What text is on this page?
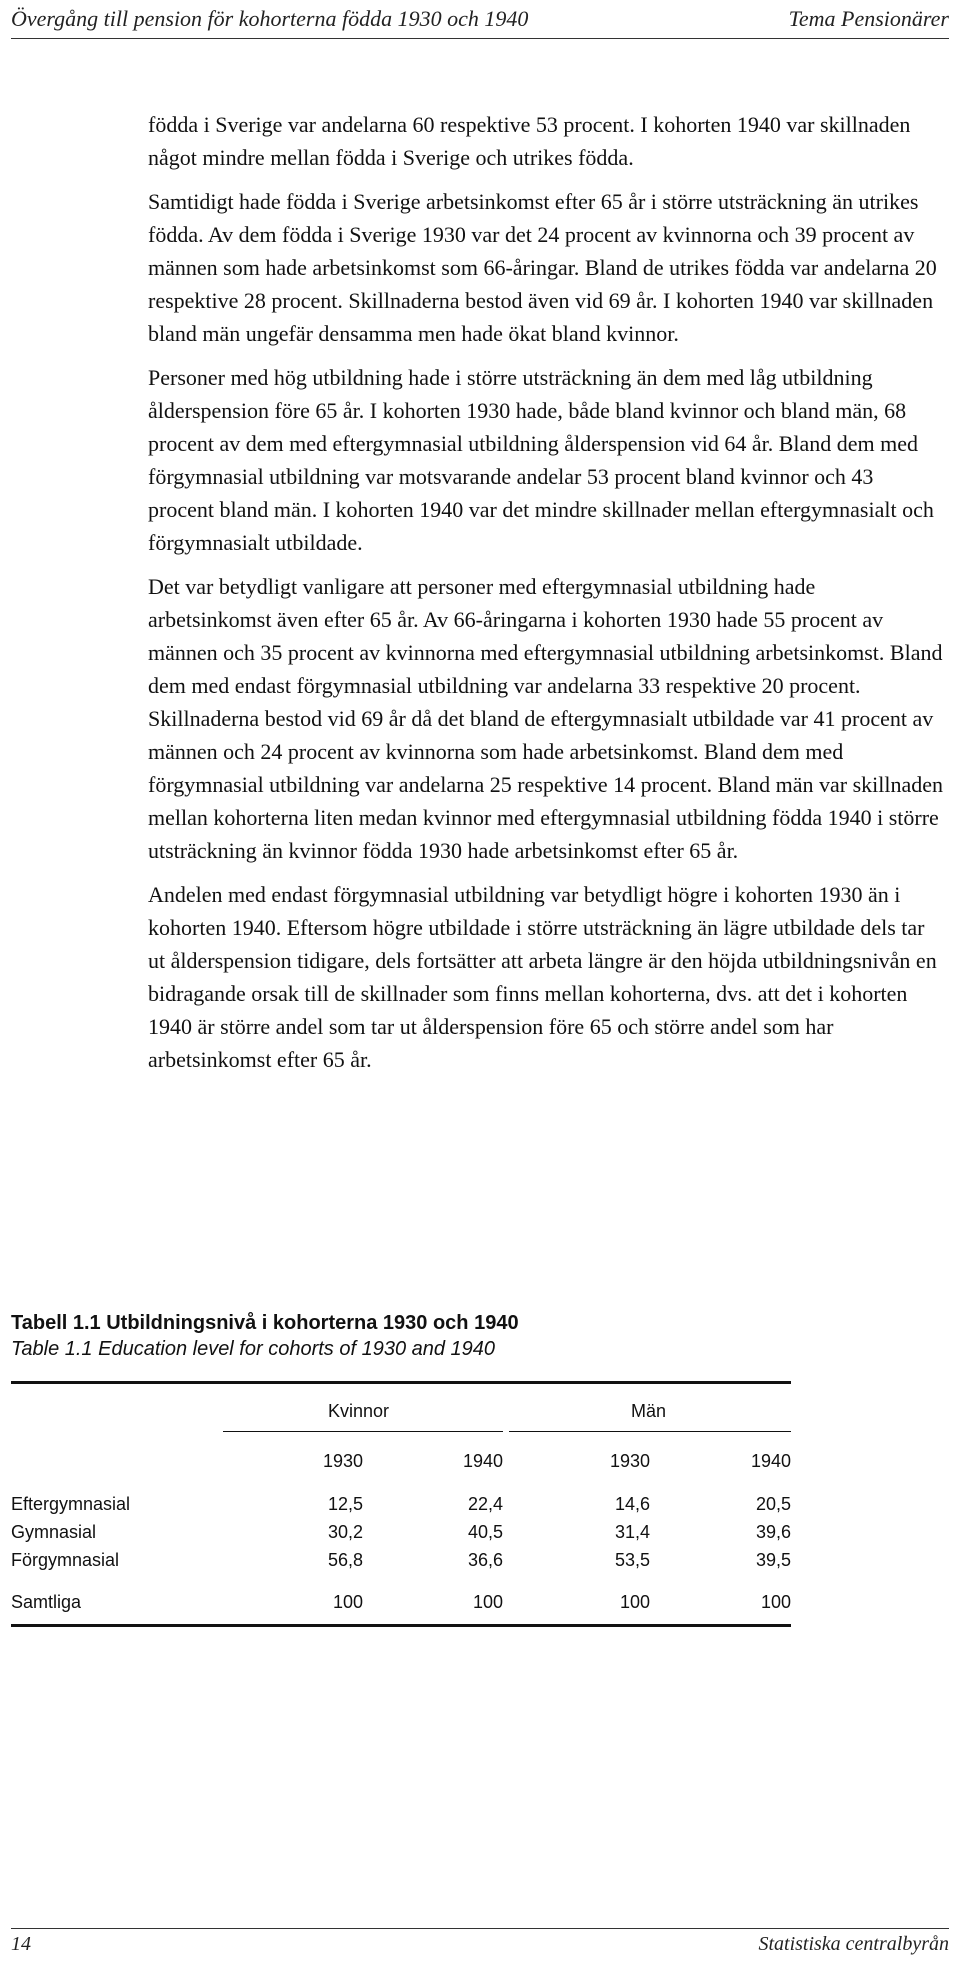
Övergång till pension för kohorterna födda 1930 och 1940	Tema Pensionärer

födda i Sverige var andelarna 60 respektive 53 procent. I kohorten 1940 var skillnaden något mindre mellan födda i Sverige och utrikes födda.

Samtidigt hade födda i Sverige arbetsinkomst efter 65 år i större utsträckning än utrikes födda. Av dem födda i Sverige 1930 var det 24 procent av kvinnorna och 39 procent av männen som hade arbetsinkomst som 66-åringar. Bland de utrikes födda var andelarna 20 respektive 28 procent. Skillnaderna bestod även vid 69 år. I kohorten 1940 var skillnaden bland män ungefär densamma men hade ökat bland kvinnor.

Personer med hög utbildning hade i större utsträckning än dem med låg utbildning ålderspension före 65 år. I kohorten 1930 hade, både bland kvinnor och bland män, 68 procent av dem med eftergymnasial utbildning ålderspension vid 64 år. Bland dem med förgymnasial utbildning var motsvarande andelar 53 procent bland kvinnor och 43 procent bland män. I kohorten 1940 var det mindre skillnader mellan eftergymnasialt och förgymnasialt utbildade.

Det var betydligt vanligare att personer med eftergymnasial utbildning hade arbetsinkomst även efter 65 år. Av 66-åringarna i kohorten 1930 hade 55 procent av männen och 35 procent av kvinnorna med eftergymnasial utbildning arbetsinkomst. Bland dem med endast förgymnasial utbildning var andelarna 33 respektive 20 procent. Skillnaderna bestod vid 69 år då det bland de eftergymnasialt utbildade var 41 procent av männen och 24 procent av kvinnorna som hade arbetsinkomst. Bland dem med förgymnasial utbildning var andelarna 25 respektive 14 procent. Bland män var skillnaden mellan kohorterna liten medan kvinnor med eftergymnasial utbildning födda 1940 i större utsträckning än kvinnor födda 1930 hade arbetsinkomst efter 65 år.

Andelen med endast förgymnasial utbildning var betydligt högre i kohorten 1930 än i kohorten 1940. Eftersom högre utbildade i större utsträckning än lägre utbildade dels tar ut ålderspension tidigare, dels fortsätter att arbeta längre är den höjda utbildningsnivån en bidragande orsak till de skillnader som finns mellan kohorterna, dvs. att det i kohorten 1940 är större andel som tar ut ålderspension före 65 och större andel som har arbetsinkomst efter 65 år.

Tabell 1.1 Utbildningsnivå i kohorterna 1930 och 1940
Table 1.1 Education level for cohorts of 1930 and 1940
Kvinnor	Män
1930	1940	1930	1940
Eftergymnasial	12,5	22,4	14,6	20,5
Gymnasial	30,2	40,5	31,4	39,6
Förgymnasial	56,8	36,6	53,5	39,5
Samtliga	100	100	100	100
14	Statistiska centralbyrån
